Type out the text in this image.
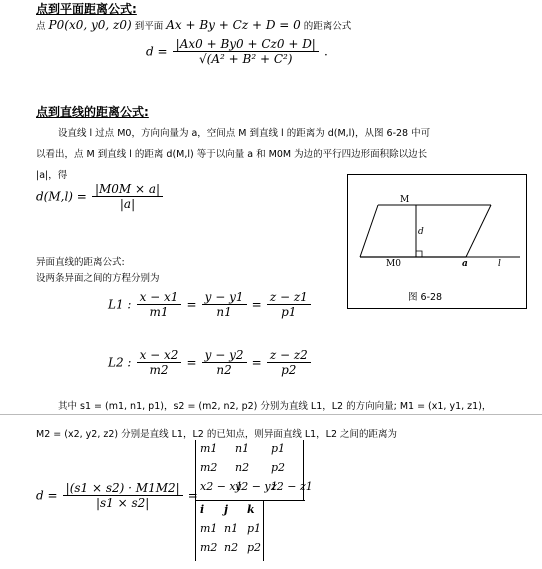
点到平面距离公式:
点 P0(x0, y0, z0) 到平面 Ax + By + Cz + D = 0 的距离公式
$d = \frac{|Ax0 + By0 + Cz0 + D|}{\text{√(A² + B² + C²)}}$ .
点到直线的距离公式:
设直线 l 过点 M0，方向向量为 a，空间点 M 到直线 l 的距离为 d(M,l)，从图 6-28 中可
以看出，点 M 到直线 l 的距离 d(M,l) 等于以向量 a 和 M0M 为边的平行四边形面积除以边长
|a|，得
$d(M,l) = \frac{|M0M \times a|}{|a|}$	M
M0
d
a	l
图 6-28
异面直线的距离公式:
设两条异面之间的方程分别为
L1 : $\frac{x - x1}{m1} = \frac{y - y1}{n1} = \frac{z - z1}{p1}$
L2 : $\frac{x - x2}{m2} = \frac{y - y2}{n2} = \frac{z - z2}{p2}$
其中 s1 = (m1, n1, p1)，s2 = (m2, n2, p2) 分别为直线 L1，L2 的方向向量; M1 = (x1, y1, z1)，
M2 = (x2, y2, z2) 分别是直线 L1，L2 的已知点，则异面直线 L1，L2 之间的距离为
$d = \frac{|(s1 \times s2) \cdot M1M2|}{|s1 \times s2|}$ =
m1 n1 p1
m2 n2 p2
x2 − x1
y2 − y1
z2 − z1
i j k
m1 n1 p1
m2 n2 p2
